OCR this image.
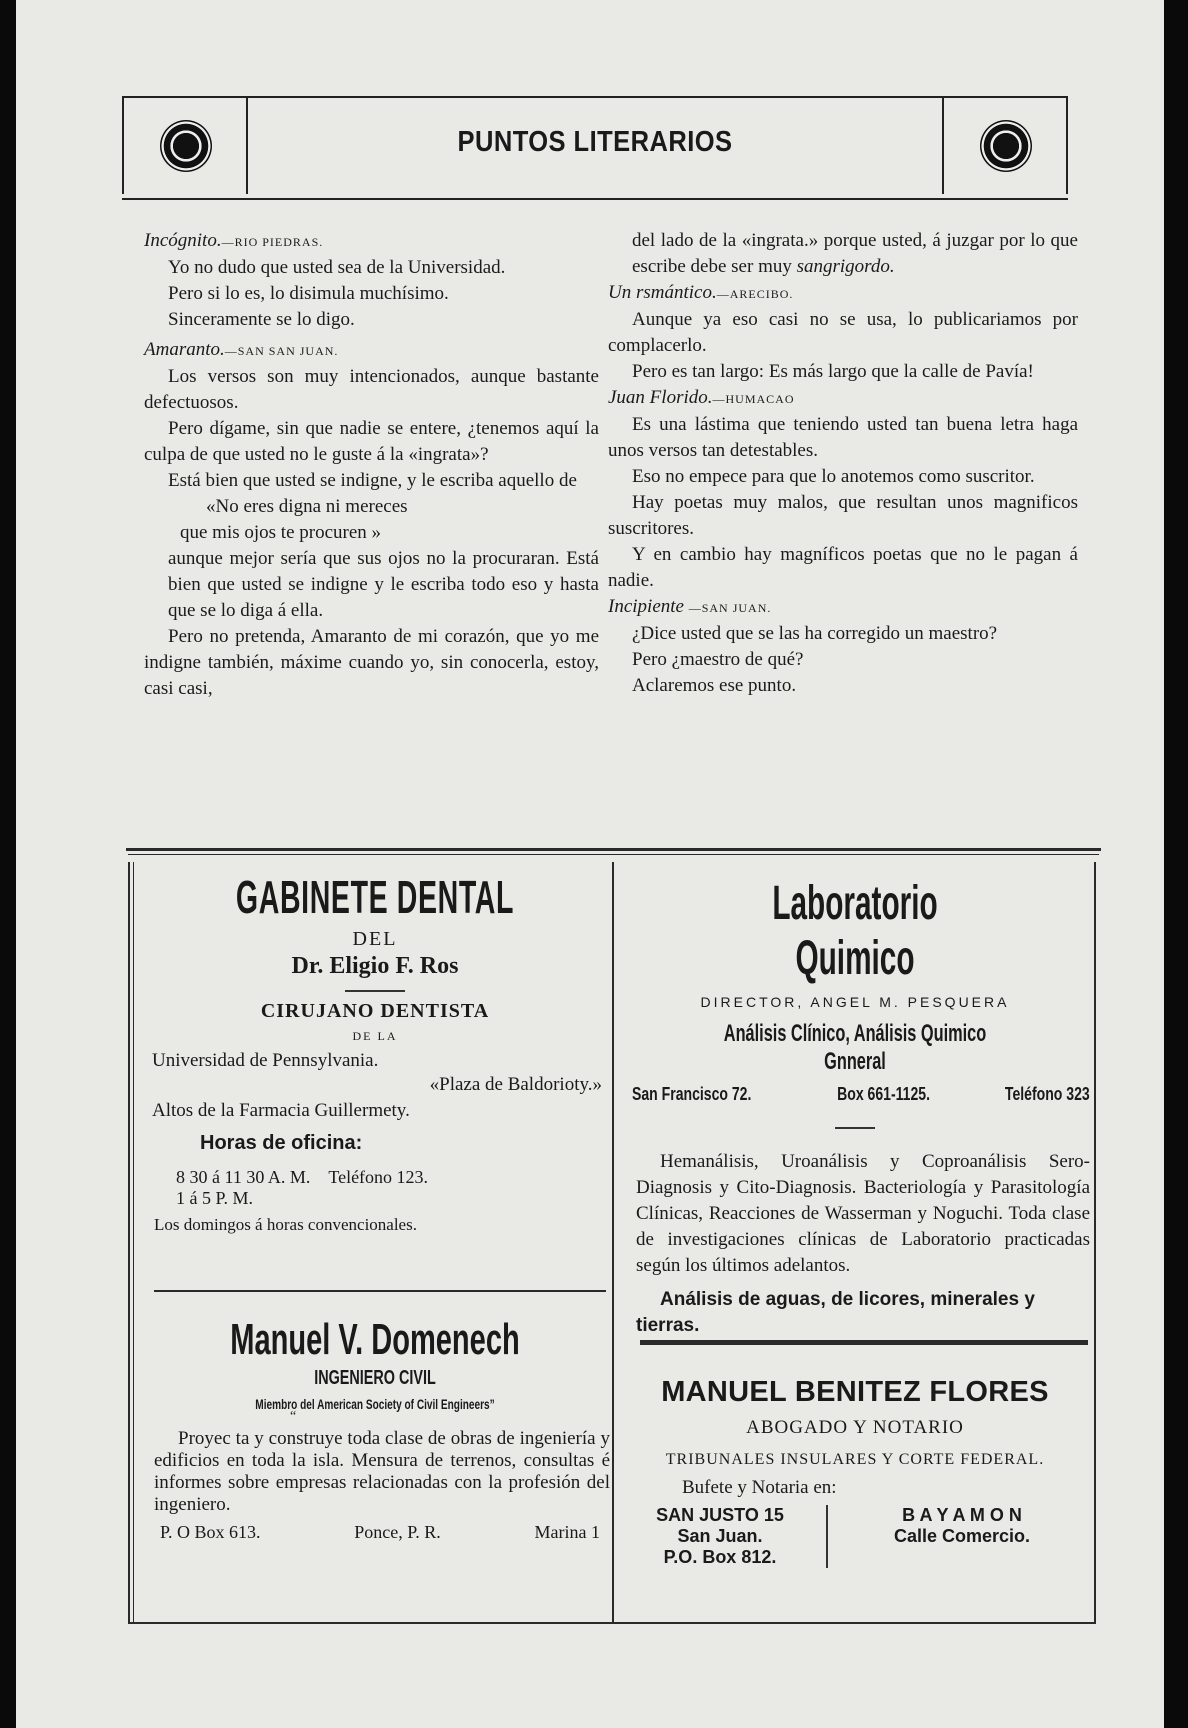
PUNTOS LITERARIOS

Incógnito.—RIO PIEDRAS.

Yo no dudo que usted sea de la Universidad.

Pero si lo es, lo disimula muchísimo.

Sinceramente se lo digo.

Amaranto.—SAN SAN JUAN.

Los versos son muy intencionados, aunque bastante defectuosos.

Pero dígame, sin que nadie se entere, ¿tenemos aquí la culpa de que usted no le guste á la «ingrata»?

Está bien que usted se indigne, y le escriba aquello de

«No eres digna ni mereces

que mis ojos te procuren »

aunque mejor sería que sus ojos no la procuraran. Está bien que usted se indigne y le escriba todo eso y hasta que se lo diga á ella.

Pero no pretenda, Amaranto de mi corazón, que yo me indigne también, máxime cuando yo, sin conocerla, estoy, casi casi,

del lado de la «ingrata.» porque usted, á juzgar por lo que escribe debe ser muy sangrigordo.

Un rsmántico.—ARECIBO.

Aunque ya eso casi no se usa, lo publicariamos por complacerlo.

Pero es tan largo: Es más largo que la calle de Pavía!

Juan Florido.—HUMACAO

Es una lástima que teniendo usted tan buena letra haga unos versos tan detestables.

Eso no empece para que lo anotemos como suscritor.

Hay poetas muy malos, que resultan unos magnificos suscritores.

Y en cambio hay magníficos poetas que no le pagan á nadie.

Incipiente —SAN JUAN.

¿Dice usted que se las ha corregido un maestro?

Pero ¿maestro de qué?

Aclaremos ese punto.

GABINETE DENTAL
DEL
Dr. Eligio F. Ros
CIRUJANO DENTISTA
DE LA
Universidad de Pennsylvania.
«Plaza de Baldorioty.»
Altos de la Farmacia Guillermety.
Horas de oficina:
8 30 á 11 30 A. M. Teléfono 123.
1 á 5 P. M.
Los domingos á horas convencionales.
Manuel V. Domenech
INGENIERO CIVIL
Miembro del American Society of Civil Engineers”
“
Proyec ta y construye toda clase de obras de ingeniería y edificios en toda la isla. Mensura de terrenos, consultas é informes sobre empresas relacionadas con la profesión del ingeniero.
P. O Box 613.	Ponce, P. R.	Marina 1
Laboratorio Quimico
DIRECTOR, ANGEL M. PESQUERA
Análisis Clínico, Análisis Quimico Gnneral
San Francisco 72.	Box 661-1125.	Teléfono 323
Hemanálisis, Uroanálisis y Coproanálisis Sero-Diagnosis y Cito-Diagnosis. Bacteriología y Parasitología Clínicas, Reacciones de Wasserman y Noguchi. Toda clase de investigaciones clínicas de Laboratorio practicadas según los últimos adelantos.
Análisis de aguas, de licores, minerales y tierras.
MANUEL BENITEZ FLORES
ABOGADO Y NOTARIO
TRIBUNALES INSULARES Y CORTE FEDERAL.
Bufete y Notaria en:
SAN JUSTO 15
San Juan.
P.O. Box 812.
B A Y A M O N
Calle Comercio.
